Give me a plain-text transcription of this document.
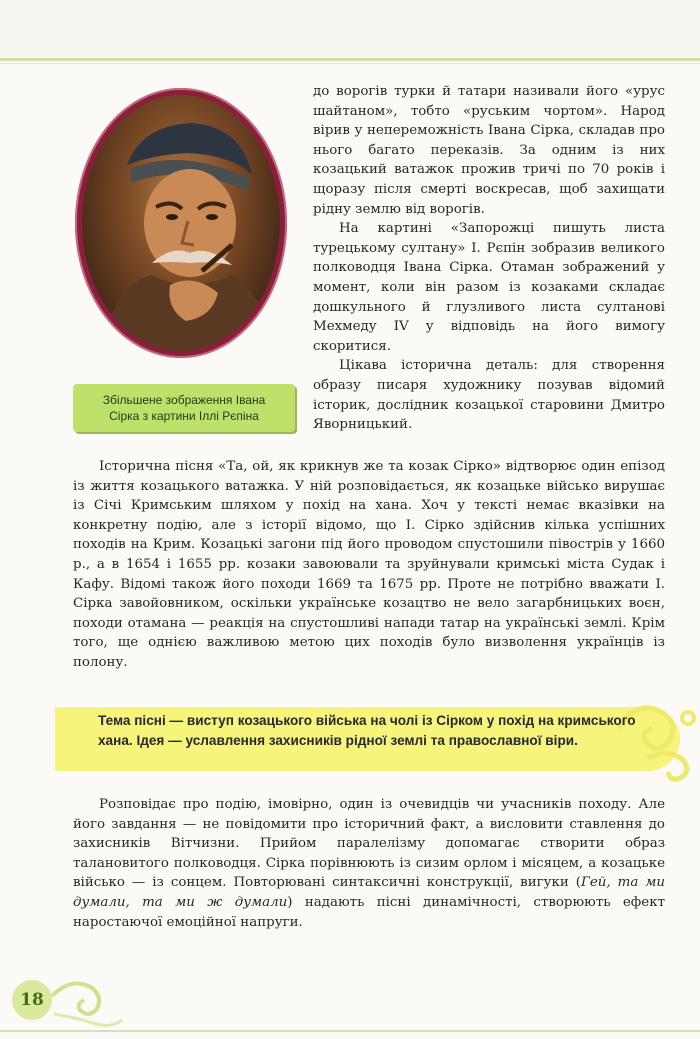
Збільшене зображення Івана
Сірка з картини Іллі Рєпіна

до ворогів турки й татари називали його «урус шайтаном», тобто «руським чортом». Народ вірив у непереможність Івана Сірка, складав про нього багато переказів. За одним із них козацький ватажок прожив тричі по 70 років і щоразу після смерті воскресав, щоб захищати рідну землю від ворогів.

На картині «Запорожці пишуть листа турецькому султану» І. Рєпін зобразив великого полководця Івана Сірка. Отаман зображений у момент, коли він разом із козаками складає дошкульного й глузливого листа султанові Мехмеду IV у відповідь на його вимогу скоритися.

Цікава історична деталь: для створення образу писаря художнику позував відомий історик, дослідник козацької старовини Дмитро Яворницький.

Історична пісня «Та, ой, як крикнув же та козак Сірко» відтворює один епізод із життя козацького ватажка. У ній розповідається, як козацьке військо вирушає із Січі Кримським шляхом у похід на хана. Хоч у тексті немає вказівки на конкретну подію, але з історії відомо, що І. Сірко здійснив кілька успішних походів на Крим. Козацькі загони під його проводом спустошили півострів у 1660 р., а в 1654 і 1655 рр. козаки завоювали та зруйнували кримські міста Судак і Кафу. Відомі також його походи 1669 та 1675 рр. Проте не потрібно вважати І. Сірка завойовником, оскільки українське козацтво не вело загарбницьких воєн, походи отамана — реакція на спустошливі напади татар на українські землі. Крім того, ще однією важливою метою цих походів було визволення українців із полону.

Тема пісні — виступ козацького війська на чолі із Сірком у похід на кримського хана. Ідея — уславлення захисників рідної землі та православної віри.

Розповідає про подію, імовірно, один із очевидців чи учасників походу. Але його завдання — не повідомити про історичний факт, а висловити ставлення до захисників Вітчизни. Прийом паралелізму допомагає створити образ талановитого полководця. Сірка порівнюють із сизим орлом і місяцем, а козацьке військо — із сонцем. Повторювані синтаксичні конструкції, вигуки (Гей, та ми думали, та ми ж думали) надають пісні динамічності, створюють ефект наростаючої емоційної напруги.

18
